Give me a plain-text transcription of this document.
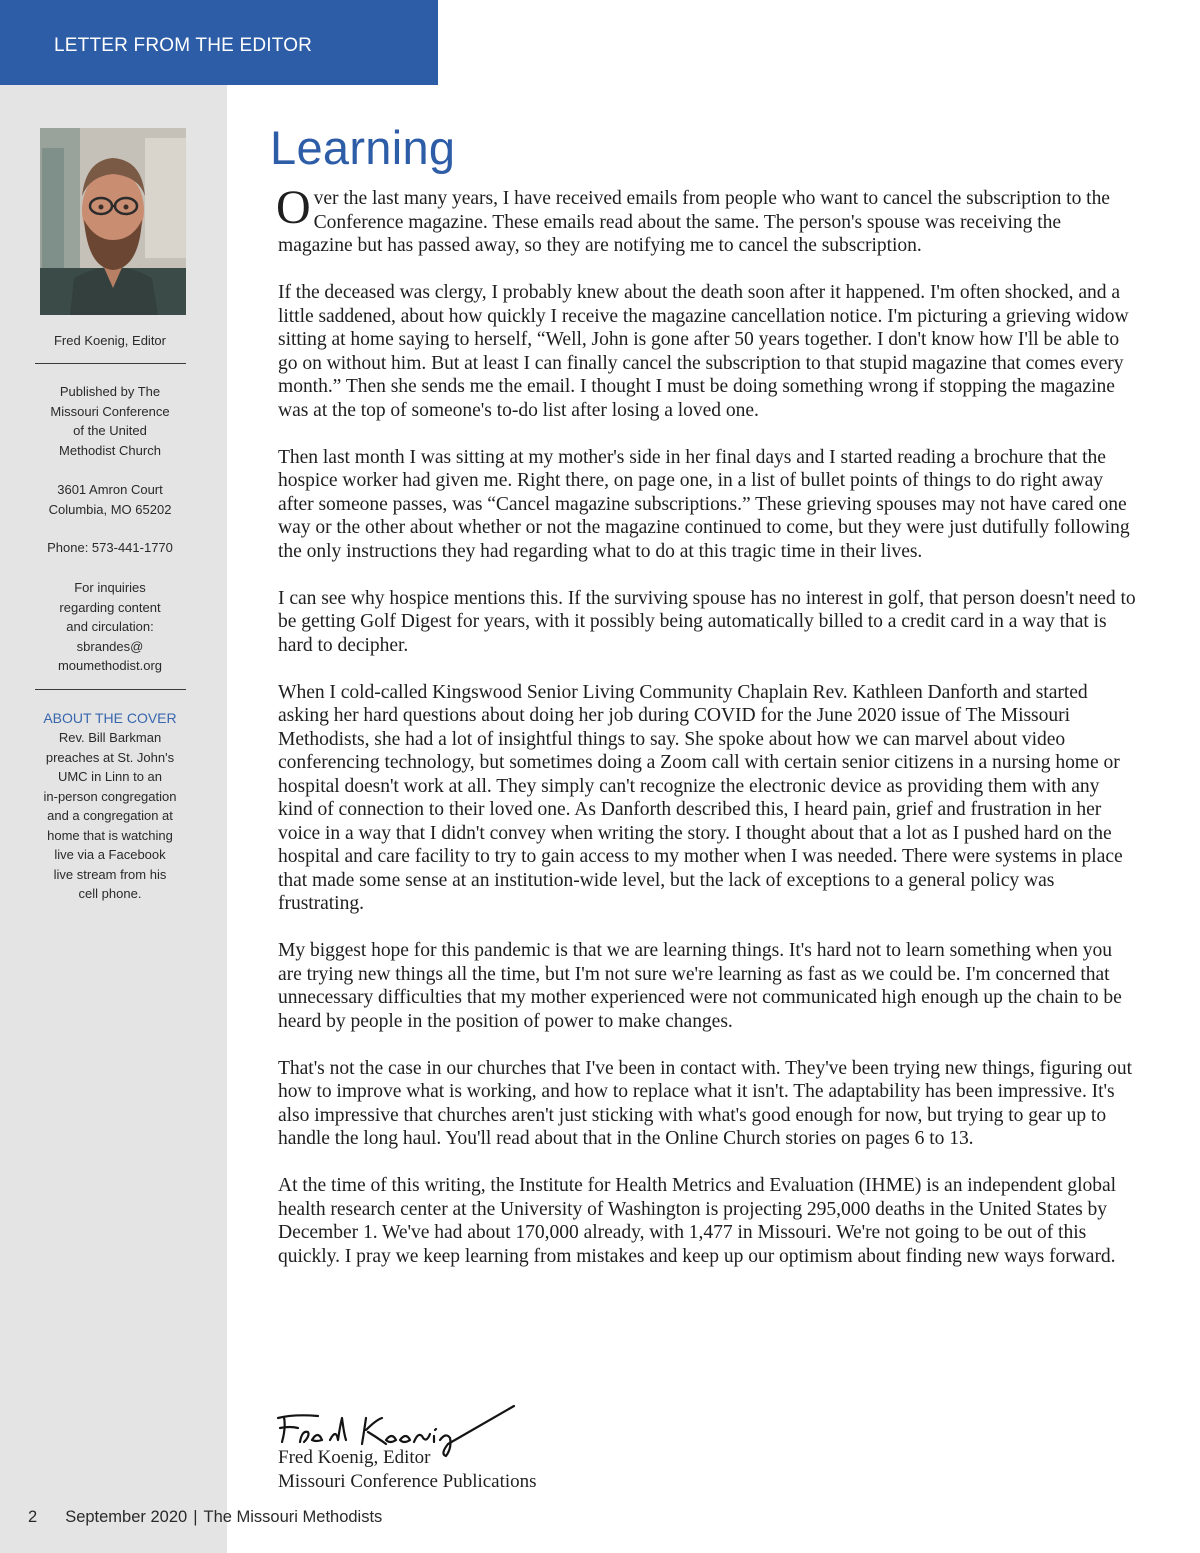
LETTER FROM THE EDITOR
Fred Koenig, Editor
Published by The
Missouri Conference
of the United
Methodist Church
3601 Amron Court
Columbia, MO 65202
Phone: 573-441-1770
For inquiries
regarding content
and circulation:
sbrandes@
moumethodist.org
ABOUT THE COVER
Rev. Bill Barkman
preaches at St. John's
UMC in Linn to an
in-person congregation
and a congregation at
home that is watching
live via a Facebook
live stream from his
cell phone.
Learning

Over the last many years, I have received emails from people who want to cancel the subscription to the Conference magazine. These emails read about the same. The person's spouse was receiving the magazine but has passed away, so they are notifying me to cancel the subscription.

If the deceased was clergy, I probably knew about the death soon after it happened. I'm often shocked, and a little saddened, about how quickly I receive the magazine cancellation notice. I'm picturing a grieving widow sitting at home saying to herself, “Well, John is gone after 50 years together. I don't know how I'll be able to go on without him. But at least I can finally cancel the subscription to that stupid magazine that comes every month.” Then she sends me the email. I thought I must be doing something wrong if stopping the magazine was at the top of someone's to-do list after losing a loved one.

Then last month I was sitting at my mother's side in her final days and I started reading a brochure that the hospice worker had given me. Right there, on page one, in a list of bullet points of things to do right away after someone passes, was “Cancel magazine subscriptions.” These grieving spouses may not have cared one way or the other about whether or not the magazine continued to come, but they were just dutifully following the only instructions they had regarding what to do at this tragic time in their lives.

I can see why hospice mentions this. If the surviving spouse has no interest in golf, that person doesn't need to be getting Golf Digest for years, with it possibly being automatically billed to a credit card in a way that is hard to decipher.

When I cold-called Kingswood Senior Living Community Chaplain Rev. Kathleen Danforth and started asking her hard questions about doing her job during COVID for the June 2020 issue of The Missouri Methodists, she had a lot of insightful things to say. She spoke about how we can marvel about video conferencing technology, but sometimes doing a Zoom call with certain senior citizens in a nursing home or hospital doesn't work at all. They simply can't recognize the electronic device as providing them with any kind of connection to their loved one. As Danforth described this, I heard pain, grief and frustration in her voice in a way that I didn't convey when writing the story. I thought about that a lot as I pushed hard on the hospital and care facility to try to gain access to my mother when I was needed. There were systems in place that made some sense at an institution-wide level, but the lack of exceptions to a general policy was frustrating.

My biggest hope for this pandemic is that we are learning things. It's hard not to learn something when you are trying new things all the time, but I'm not sure we're learning as fast as we could be. I'm concerned that unnecessary difficulties that my mother experienced were not communicated high enough up the chain to be heard by people in the position of power to make changes.

That's not the case in our churches that I've been in contact with. They've been trying new things, figuring out how to improve what is working, and how to replace what it isn't. The adaptability has been impressive. It's also impressive that churches aren't just sticking with what's good enough for now, but trying to gear up to handle the long haul. You'll read about that in the Online Church stories on pages 6 to 13.

At the time of this writing, the Institute for Health Metrics and Evaluation (IHME) is an independent global health research center at the University of Washington is projecting 295,000 deaths in the United States by December 1. We've had about 170,000 already, with 1,477 in Missouri. We're not going to be out of this quickly. I pray we keep learning from mistakes and keep up our optimism about finding new ways forward.

Fred Koenig, Editor
Missouri Conference Publications
2 September 2020 | The Missouri Methodists
